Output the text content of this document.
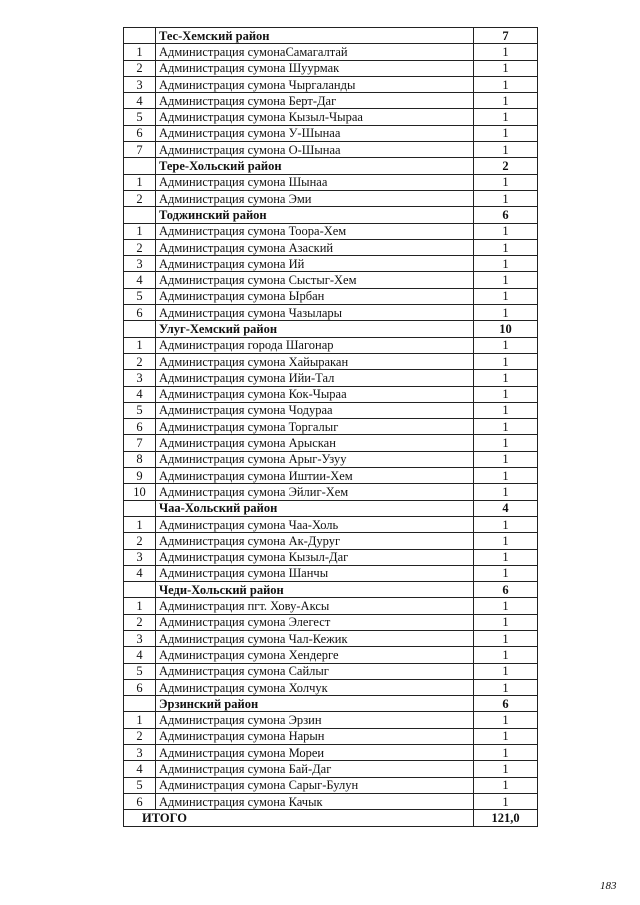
	Тес-Хемский район	7
1	Администрация сумонаСамагалтай	1
2	Администрация сумона Шуурмак	1
3	Администрация сумона Чыргаланды	1
4	Администрация сумона Берт-Даг	1
5	Администрация сумона Кызыл-Чыраа	1
6	Администрация сумона У-Шынаа	1
7	Администрация сумона О-Шынаа	1
	Тере-Хольский район	2
1	Администрация сумона Шынаа	1
2	Администрация сумона Эми	1
	Тоджинский район	6
1	Администрация сумона Тоора-Хем	1
2	Администрация сумона Азаский	1
3	Администрация сумона Ий	1
4	Администрация сумона Сыстыг-Хем	1
5	Администрация сумона Ырбан	1
6	Администрация сумона Чазылары	1
	Улуг-Хемский район	10
1	Администрация города Шагонар	1
2	Администрация сумона Хайыракан	1
3	Администрация сумона Ийи-Тал	1
4	Администрация сумона Кок-Чыраа	1
5	Администрация сумона Чодураа	1
6	Администрация сумона Торгалыг	1
7	Администрация сумона Арыскан	1
8	Администрация сумона Арыг-Узуу	1
9	Администрация сумона Иштии-Хем	1
10	Администрация сумона Эйлиг-Хем	1
	Чаа-Хольский район	4
1	Администрация сумона Чаа-Холь	1
2	Администрация сумона Ак-Дуруг	1
3	Администрация сумона Кызыл-Даг	1
4	Администрация сумона Шанчы	1
	Чеди-Хольский район	6
1	Администрация пгт. Хову-Аксы	1
2	Администрация сумона Элегест	1
3	Администрация сумона Чал-Кежик	1
4	Администрация сумона Хендерге	1
5	Администрация сумона Сайлыг	1
6	Администрация сумона Холчук	1
	Эрзинский район	6
1	Администрация сумона Эрзин	1
2	Администрация сумона Нарын	1
3	Администрация сумона Мореи	1
4	Администрация сумона Бай-Даг	1
5	Администрация сумона Сарыг-Булун	1
6	Администрация сумона Качык	1
ИТОГО		121,0
183
